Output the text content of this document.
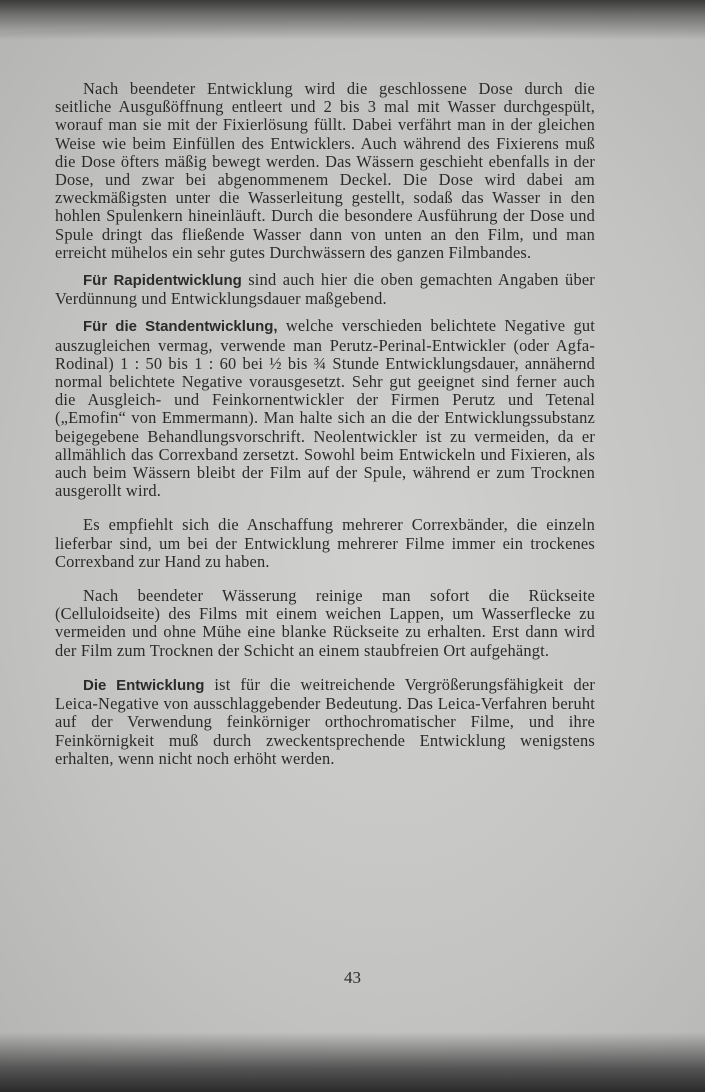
Nach beendeter Entwicklung wird die geschlossene Dose durch die seitliche Ausgußöffnung entleert und 2 bis 3 mal mit Wasser durchgespült, worauf man sie mit der Fixierlösung füllt. Dabei verfährt man in der gleichen Weise wie beim Einfüllen des Entwicklers. Auch während des Fixierens muß die Dose öfters mäßig bewegt werden. Das Wässern geschieht ebenfalls in der Dose, und zwar bei abgenommenem Deckel. Die Dose wird dabei am zweckmäßigsten unter die Wasserleitung gestellt, sodaß das Wasser in den hohlen Spulenkern hineinläuft. Durch die besondere Ausführung der Dose und Spule dringt das fließende Wasser dann von unten an den Film, und man erreicht mühelos ein sehr gutes Durchwässern des ganzen Filmbandes.

Für Rapidentwicklung sind auch hier die oben gemachten Angaben über Verdünnung und Entwicklungsdauer maßgebend.

Für die Standentwicklung, welche verschieden belichtete Negative gut auszugleichen vermag, verwende man Perutz-Perinal-Entwickler (oder Agfa-Rodinal) 1 : 50 bis 1 : 60 bei ½ bis ¾ Stunde Entwicklungsdauer, annähernd normal belichtete Negative vorausgesetzt. Sehr gut geeignet sind ferner auch die Ausgleich- und Feinkornentwickler der Firmen Perutz und Tetenal („Emofin“ von Emmermann). Man halte sich an die der Entwicklungssubstanz beigegebene Behandlungsvorschrift. Neolentwickler ist zu vermeiden, da er allmählich das Correxband zersetzt. Sowohl beim Entwickeln und Fixieren, als auch beim Wässern bleibt der Film auf der Spule, während er zum Trocknen ausgerollt wird.

Es empfiehlt sich die Anschaffung mehrerer Correxbänder, die einzeln lieferbar sind, um bei der Entwicklung mehrerer Filme immer ein trockenes Correxband zur Hand zu haben.

Nach beendeter Wässerung reinige man sofort die Rückseite (Celluloidseite) des Films mit einem weichen Lappen, um Wasserflecke zu vermeiden und ohne Mühe eine blanke Rückseite zu erhalten. Erst dann wird der Film zum Trocknen der Schicht an einem staubfreien Ort aufgehängt.

Die Entwicklung ist für die weitreichende Vergrößerungsfähigkeit der Leica-Negative von ausschlaggebender Bedeutung. Das Leica-Verfahren beruht auf der Verwendung feinkörniger orthochromatischer Filme, und ihre Feinkörnigkeit muß durch zweckentsprechende Entwicklung wenigstens erhalten, wenn nicht noch erhöht werden.

43
